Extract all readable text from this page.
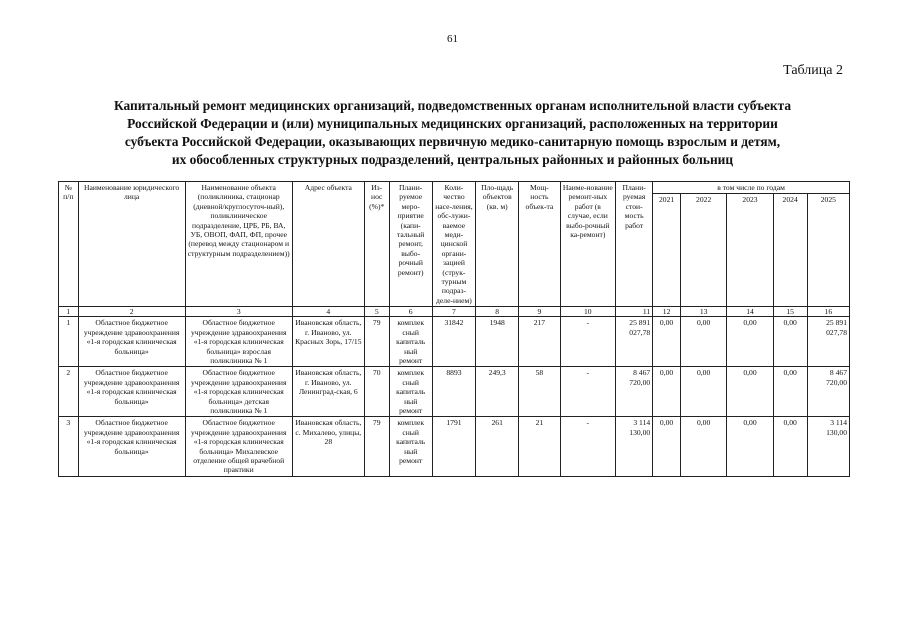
61
Таблица 2
Капитальный ремонт медицинских организаций, подведомственных органам исполнительной власти субъекта
Российской Федерации и (или) муниципальных медицинских организаций, расположенных на территории
субъекта Российской Федерации, оказывающих первичную медико-санитарную помощь взрослым и детям,
их обособленных структурных подразделений, центральных районных и районных больниц
№ п/п	Наименование юридического лица	Наименование объекта (поликлиника, стационар (дневной/круглосуточ-ный), поликлиническое подразделение, ЦРБ, РБ, ВА, УБ, ОВОП, ФАП, ФП, прочее (перевод между стационаром и структурным подразделением))	Адрес объекта	Из-нос (%)*	Плани-руемое меро-приятие (капи-тальный ремонт, выбо-рочный ремонт)	Коли-чество насе-ления, обс-лужи-ваемое меди-цинской органи-зацией (струк-турным подраз-деле-нием)	Пло-щадь объектов (кв. м)	Мощ-ность объек-та	Наиме-нование ремонт-ных работ (в случае, если выбо-рочный ка-ремонт)	Плани-руемая стои-мость работ	в том числе по годам				
											2021	2022	2023	2024	2025
1	2	3	4	5	6	7	8	9	10	11	12	13	14	15	16
1	Областное бюджетное учреждение здравоохранения «1-я городская клиническая больница»	Областное бюджетное учреждение здравоохранения «1-я городская клиническая больница» взрослая поликлиника № 1	Ивановская область, г. Иваново, ул. Красных Зорь, 17/15	79	комплек сный капиталь ный ремонт	31842	1948	217	-	25 891 027,78	0,00	0,00	0,00	0,00	25 891 027,78
2	Областное бюджетное учреждение здравоохранения «1-я городская клиническая больница»	Областное бюджетное учреждение здравоохранения «1-я городская клиническая больница» детская поликлиника № 1	Ивановская область, г. Иваново, ул. Ленинград-ская, 6	70	комплек сный капиталь ный ремонт	8893	249,3	58	-	8 467 720,00	0,00	0,00	0,00	0,00	8 467 720,00
3	Областное бюджетное учреждение здравоохранения «1-я городская клиническая больница»	Областное бюджетное учреждение здравоохранения «1-я городская клиническая больница» Михалевское отделение общей врачебной практики	Ивановская область, с. Михалево, улицы, 28	79	комплек сный капиталь ный ремонт	1791	261	21	-	3 114 130,00	0,00	0,00	0,00	0,00	3 114 130,00
